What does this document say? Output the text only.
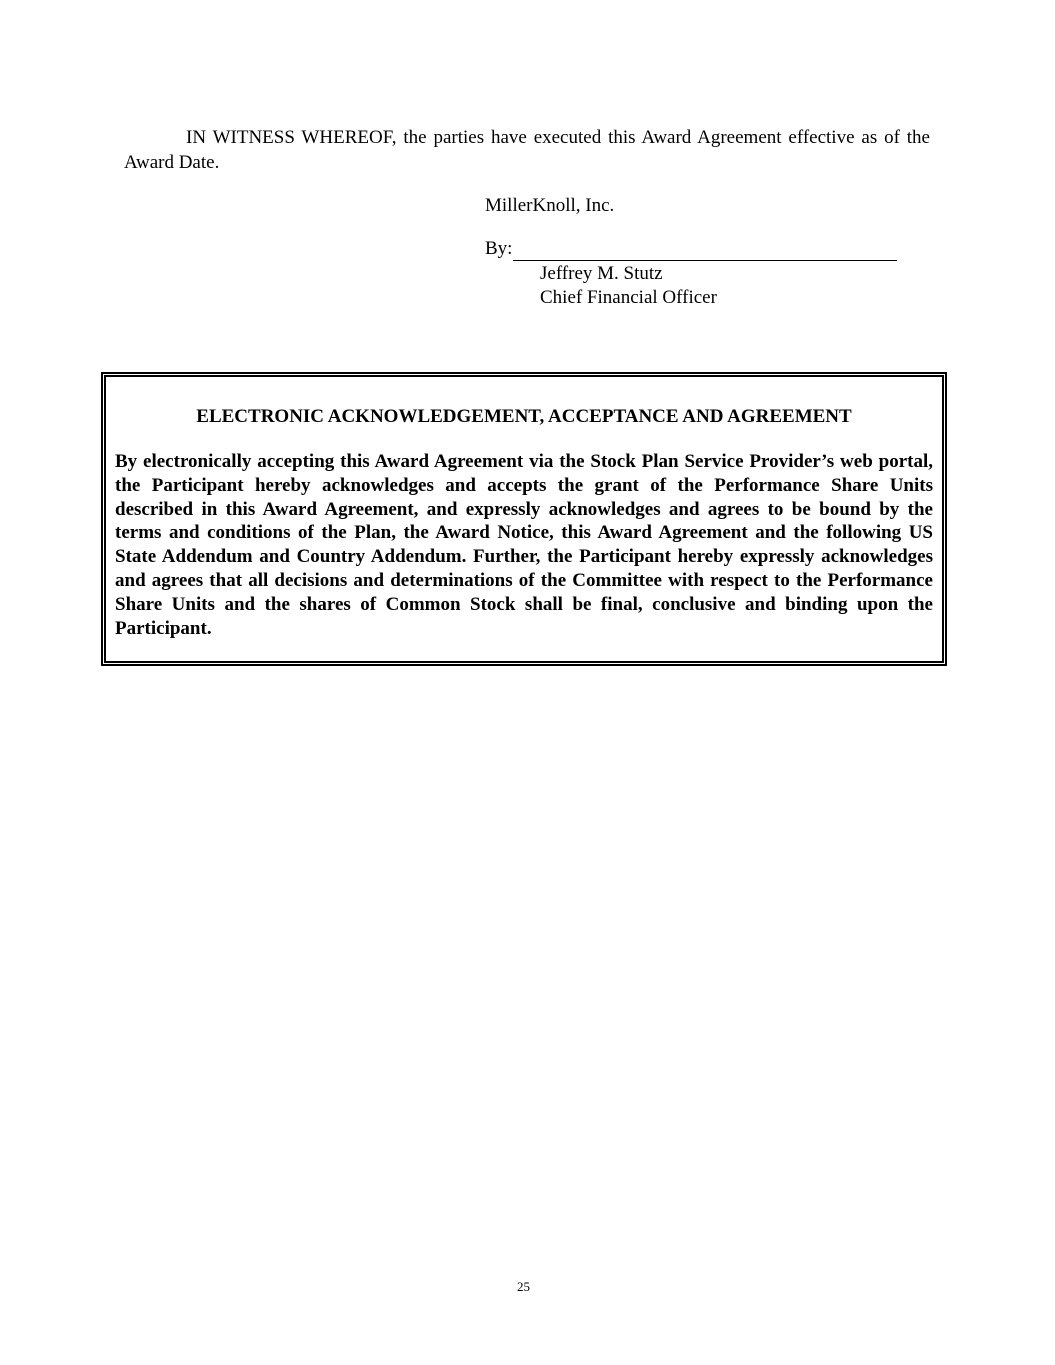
IN WITNESS WHEREOF, the parties have executed this Award Agreement effective as of the Award Date.

MillerKnoll, Inc.
By:
Jeffrey M. Stutz
Chief Financial Officer
ELECTRONIC ACKNOWLEDGEMENT, ACCEPTANCE AND AGREEMENT
By electronically accepting this Award Agreement via the Stock Plan Service Provider’s web portal, the Participant hereby acknowledges and accepts the grant of the Performance Share Units described in this Award Agreement, and expressly acknowledges and agrees to be bound by the terms and conditions of the Plan, the Award Notice, this Award Agreement and the following US State Addendum and Country Addendum. Further, the Participant hereby expressly acknowledges and agrees that all decisions and determinations of the Committee with respect to the Performance Share Units and the shares of Common Stock shall be final, conclusive and binding upon the Participant.
25
